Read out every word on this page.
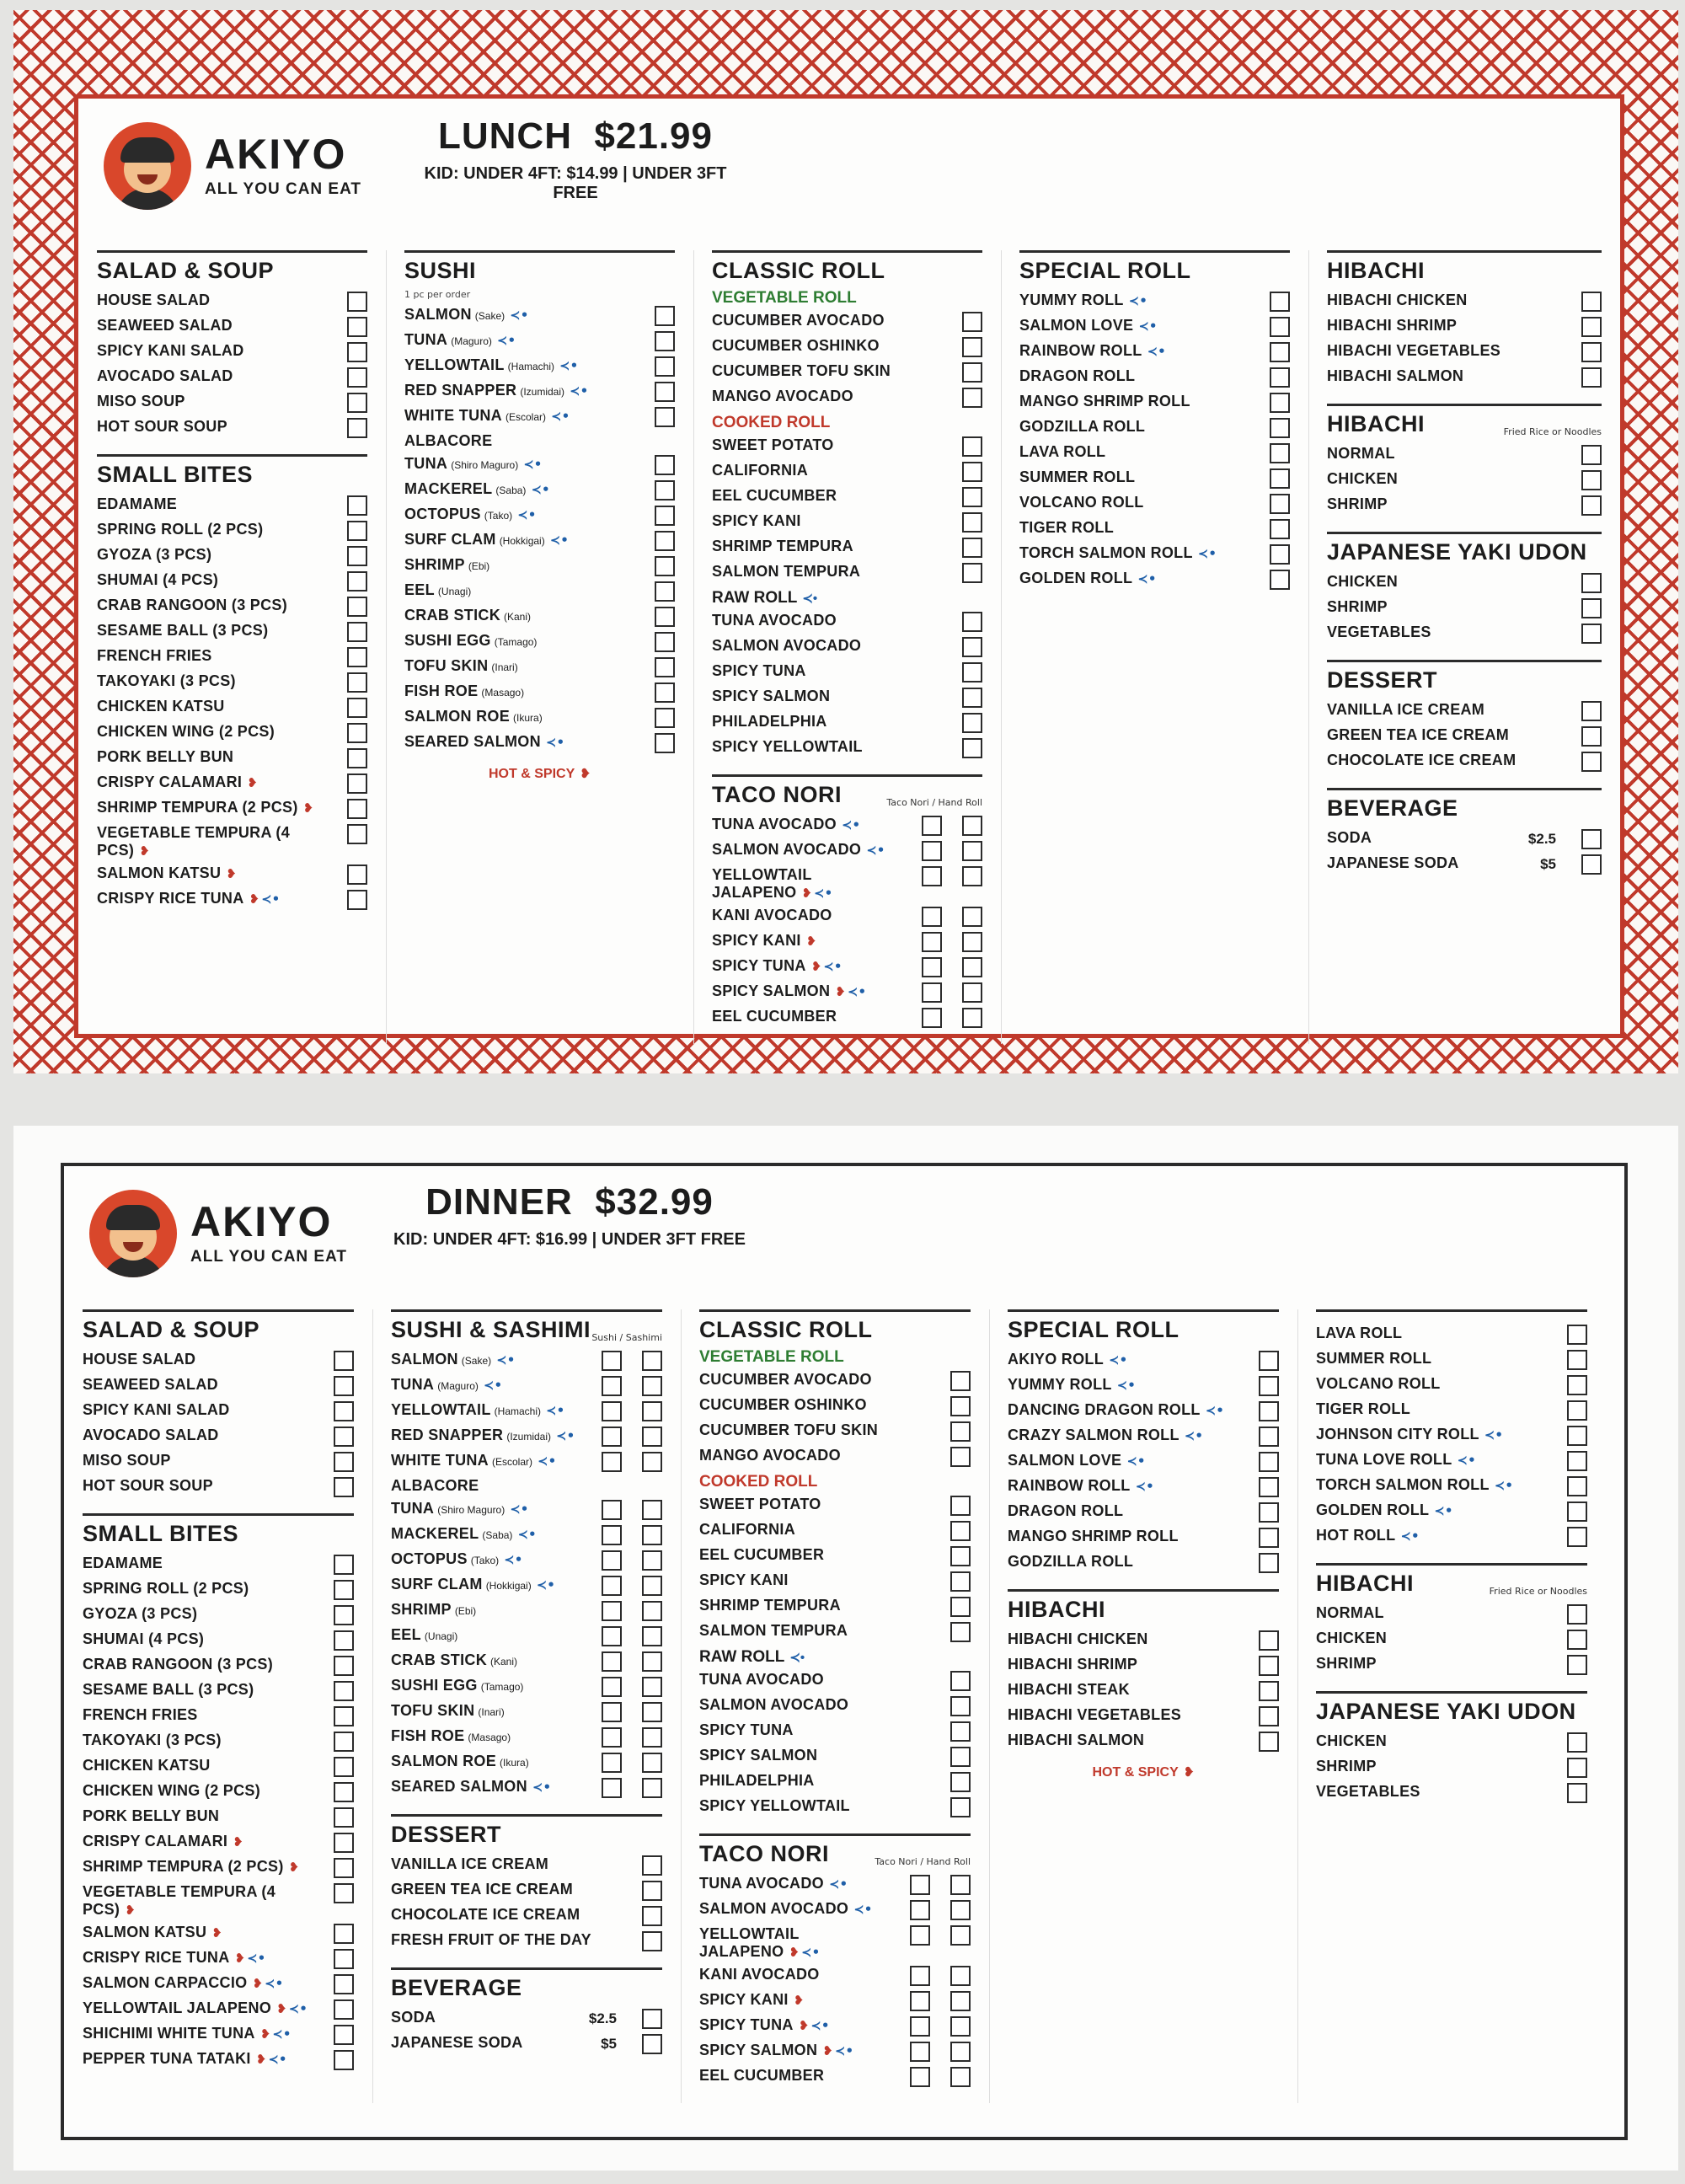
AKIYO
ALL YOU CAN EAT
LUNCH $21.99
KID: UNDER 4FT: $14.99 | UNDER 3FT FREE
SALAD & SOUP
HOUSE SALAD
SEAWEED SALAD
SPICY KANI SALAD
AVOCADO SALAD
MISO SOUP
HOT SOUR SOUP
SMALL BITES
EDAMAME
SPRING ROLL (2 PCS)
GYOZA (3 PCS)
SHUMAI (4 PCS)
CRAB RANGOON (3 PCS)
SESAME BALL (3 PCS)
FRENCH FRIES
TAKOYAKI (3 PCS)
CHICKEN KATSU
CHICKEN WING (2 PCS)
PORK BELLY BUN
CRISPY CALAMARI ❥
SHRIMP TEMPURA (2 PCS) ❥
VEGETABLE TEMPURA (4 PCS) ❥
SALMON KATSU ❥
CRISPY RICE TUNA ❥ ≺•
SUSHI
1 pc per order
SALMON (Sake) ≺•
TUNA (Maguro) ≺•
YELLOWTAIL (Hamachi) ≺•
RED SNAPPER (Izumidai) ≺•
WHITE TUNA (Escolar) ≺•
ALBACORE
TUNA (Shiro Maguro) ≺•
MACKEREL (Saba) ≺•
OCTOPUS (Tako) ≺•
SURF CLAM (Hokkigai) ≺•
SHRIMP (Ebi)
EEL (Unagi)
CRAB STICK (Kani)
SUSHI EGG (Tamago)
TOFU SKIN (Inari)
FISH ROE (Masago)
SALMON ROE (Ikura)
SEARED SALMON ≺•
HOT & SPICY ❥
CLASSIC ROLL
VEGETABLE ROLL
CUCUMBER AVOCADO
CUCUMBER OSHINKO
CUCUMBER TOFU SKIN
MANGO AVOCADO
COOKED ROLL
SWEET POTATO
CALIFORNIA
EEL CUCUMBER
SPICY KANI
SHRIMP TEMPURA
SALMON TEMPURA
RAW ROLL ≺•
TUNA AVOCADO
SALMON AVOCADO
SPICY TUNA
SPICY SALMON
PHILADELPHIA
SPICY YELLOWTAIL
TACO NORI	Taco Nori / Hand Roll
TUNA AVOCADO ≺•
SALMON AVOCADO ≺•
YELLOWTAIL JALAPENO ❥ ≺•
KANI AVOCADO
SPICY KANI ❥
SPICY TUNA ❥ ≺•
SPICY SALMON ❥ ≺•
EEL CUCUMBER
SPECIAL ROLL
YUMMY ROLL ≺•
SALMON LOVE ≺•
RAINBOW ROLL ≺•
DRAGON ROLL
MANGO SHRIMP ROLL
GODZILLA ROLL
LAVA ROLL
SUMMER ROLL
VOLCANO ROLL
TIGER ROLL
TORCH SALMON ROLL ≺•
GOLDEN ROLL ≺•
HIBACHI
HIBACHI CHICKEN
HIBACHI SHRIMP
HIBACHI VEGETABLES
HIBACHI SALMON
HIBACHI	Fried Rice or Noodles
NORMAL
CHICKEN
SHRIMP
JAPANESE YAKI UDON
CHICKEN
SHRIMP
VEGETABLES
DESSERT
VANILLA ICE CREAM
GREEN TEA ICE CREAM
CHOCOLATE ICE CREAM
BEVERAGE
SODA	$2.5
JAPANESE SODA	$5
AKIYO
ALL YOU CAN EAT
DINNER $32.99
KID: UNDER 4FT: $16.99 | UNDER 3FT FREE
SALAD & SOUP
HOUSE SALAD
SEAWEED SALAD
SPICY KANI SALAD
AVOCADO SALAD
MISO SOUP
HOT SOUR SOUP
SMALL BITES
EDAMAME
SPRING ROLL (2 PCS)
GYOZA (3 PCS)
SHUMAI (4 PCS)
CRAB RANGOON (3 PCS)
SESAME BALL (3 PCS)
FRENCH FRIES
TAKOYAKI (3 PCS)
CHICKEN KATSU
CHICKEN WING (2 PCS)
PORK BELLY BUN
CRISPY CALAMARI ❥
SHRIMP TEMPURA (2 PCS) ❥
VEGETABLE TEMPURA (4 PCS) ❥
SALMON KATSU ❥
CRISPY RICE TUNA ❥ ≺•
SALMON CARPACCIO ❥ ≺•
YELLOWTAIL JALAPENO ❥ ≺•
SHICHIMI WHITE TUNA ❥ ≺•
PEPPER TUNA TATAKI ❥ ≺•
SUSHI & SASHIMI Sushi / Sashimi
SALMON (Sake) ≺•
TUNA (Maguro) ≺•
YELLOWTAIL (Hamachi) ≺•
RED SNAPPER (Izumidai) ≺•
WHITE TUNA (Escolar) ≺•
ALBACORE
TUNA (Shiro Maguro) ≺•
MACKEREL (Saba) ≺•
OCTOPUS (Tako) ≺•
SURF CLAM (Hokkigai) ≺•
SHRIMP (Ebi)
EEL (Unagi)
CRAB STICK (Kani)
SUSHI EGG (Tamago)
TOFU SKIN (Inari)
FISH ROE (Masago)
SALMON ROE (Ikura)
SEARED SALMON ≺•
DESSERT
VANILLA ICE CREAM
GREEN TEA ICE CREAM
CHOCOLATE ICE CREAM
FRESH FRUIT OF THE DAY
BEVERAGE
SODA	$2.5
JAPANESE SODA	$5
CLASSIC ROLL
VEGETABLE ROLL
CUCUMBER AVOCADO
CUCUMBER OSHINKO
CUCUMBER TOFU SKIN
MANGO AVOCADO
COOKED ROLL
SWEET POTATO
CALIFORNIA
EEL CUCUMBER
SPICY KANI
SHRIMP TEMPURA
SALMON TEMPURA
RAW ROLL ≺•
TUNA AVOCADO
SALMON AVOCADO
SPICY TUNA
SPICY SALMON
PHILADELPHIA
SPICY YELLOWTAIL
TACO NORI	Taco Nori / Hand Roll
TUNA AVOCADO ≺•
SALMON AVOCADO ≺•
YELLOWTAIL JALAPENO ❥ ≺•
KANI AVOCADO
SPICY KANI ❥
SPICY TUNA ❥ ≺•
SPICY SALMON ❥ ≺•
EEL CUCUMBER
SPECIAL ROLL
AKIYO ROLL ≺•
YUMMY ROLL ≺•
DANCING DRAGON ROLL ≺•
CRAZY SALMON ROLL ≺•
SALMON LOVE ≺•
RAINBOW ROLL ≺•
DRAGON ROLL
MANGO SHRIMP ROLL
GODZILLA ROLL
HIBACHI
HIBACHI CHICKEN
HIBACHI SHRIMP
HIBACHI STEAK
HIBACHI VEGETABLES
HIBACHI SALMON
HOT & SPICY ❥
LAVA ROLL
SUMMER ROLL
VOLCANO ROLL
TIGER ROLL
JOHNSON CITY ROLL ≺•
TUNA LOVE ROLL ≺•
TORCH SALMON ROLL ≺•
GOLDEN ROLL ≺•
HOT ROLL ≺•
HIBACHI	Fried Rice or Noodles
NORMAL
CHICKEN
SHRIMP
JAPANESE YAKI UDON
CHICKEN
SHRIMP
VEGETABLES
